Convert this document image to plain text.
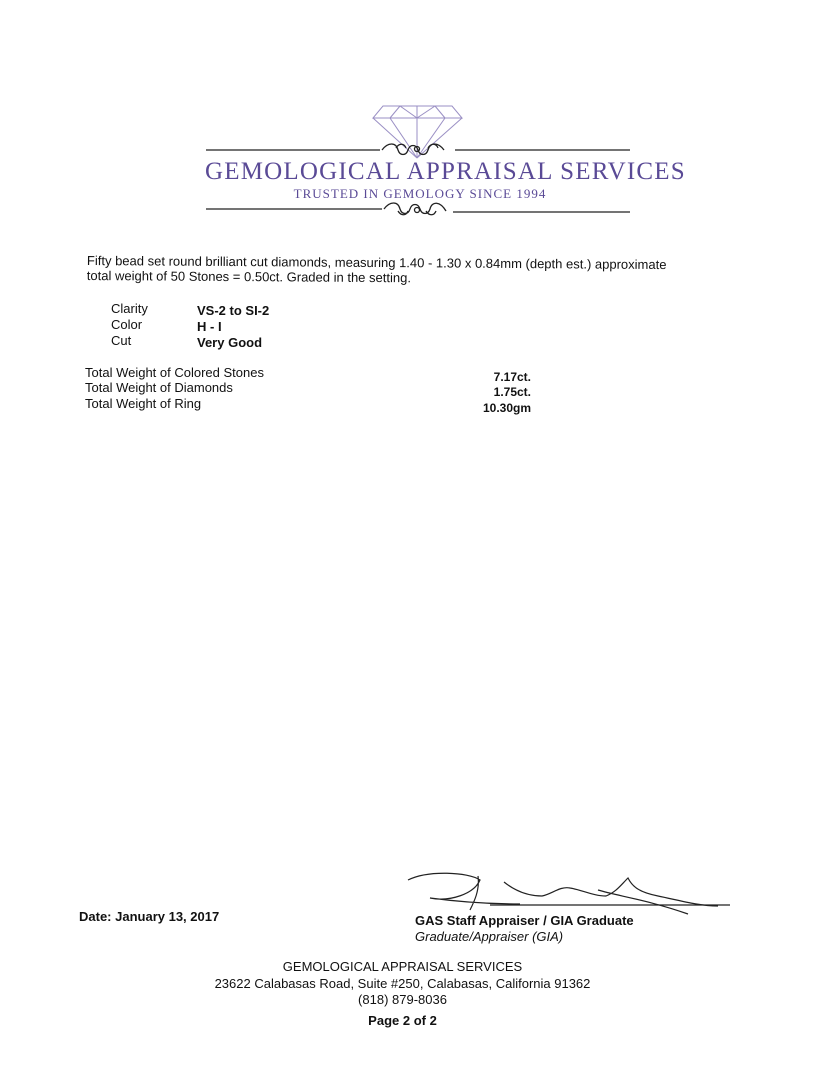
GEMOLOGICAL APPRAISAL SERVICES
TRUSTED IN GEMOLOGY SINCE 1994
Fifty bead set round brilliant cut diamonds, measuring 1.40 - 1.30 x 0.84mm (depth est.) approximate
total weight of 50 Stones = 0.50ct. Graded in the setting.
Clarity	VS-2 to SI-2
Color	H - I
Cut	Very Good
Total Weight of Colored Stones	7.17ct.
Total Weight of Diamonds	1.75ct.
Total Weight of Ring	10.30gm
Date: January 13, 2017	GAS Staff Appraiser / GIA Graduate
Graduate/Appraiser (GIA)
GEMOLOGICAL APPRAISAL SERVICES
23622 Calabasas Road, Suite #250, Calabasas, California 91362
(818) 879-8036
Page 2 of 2
